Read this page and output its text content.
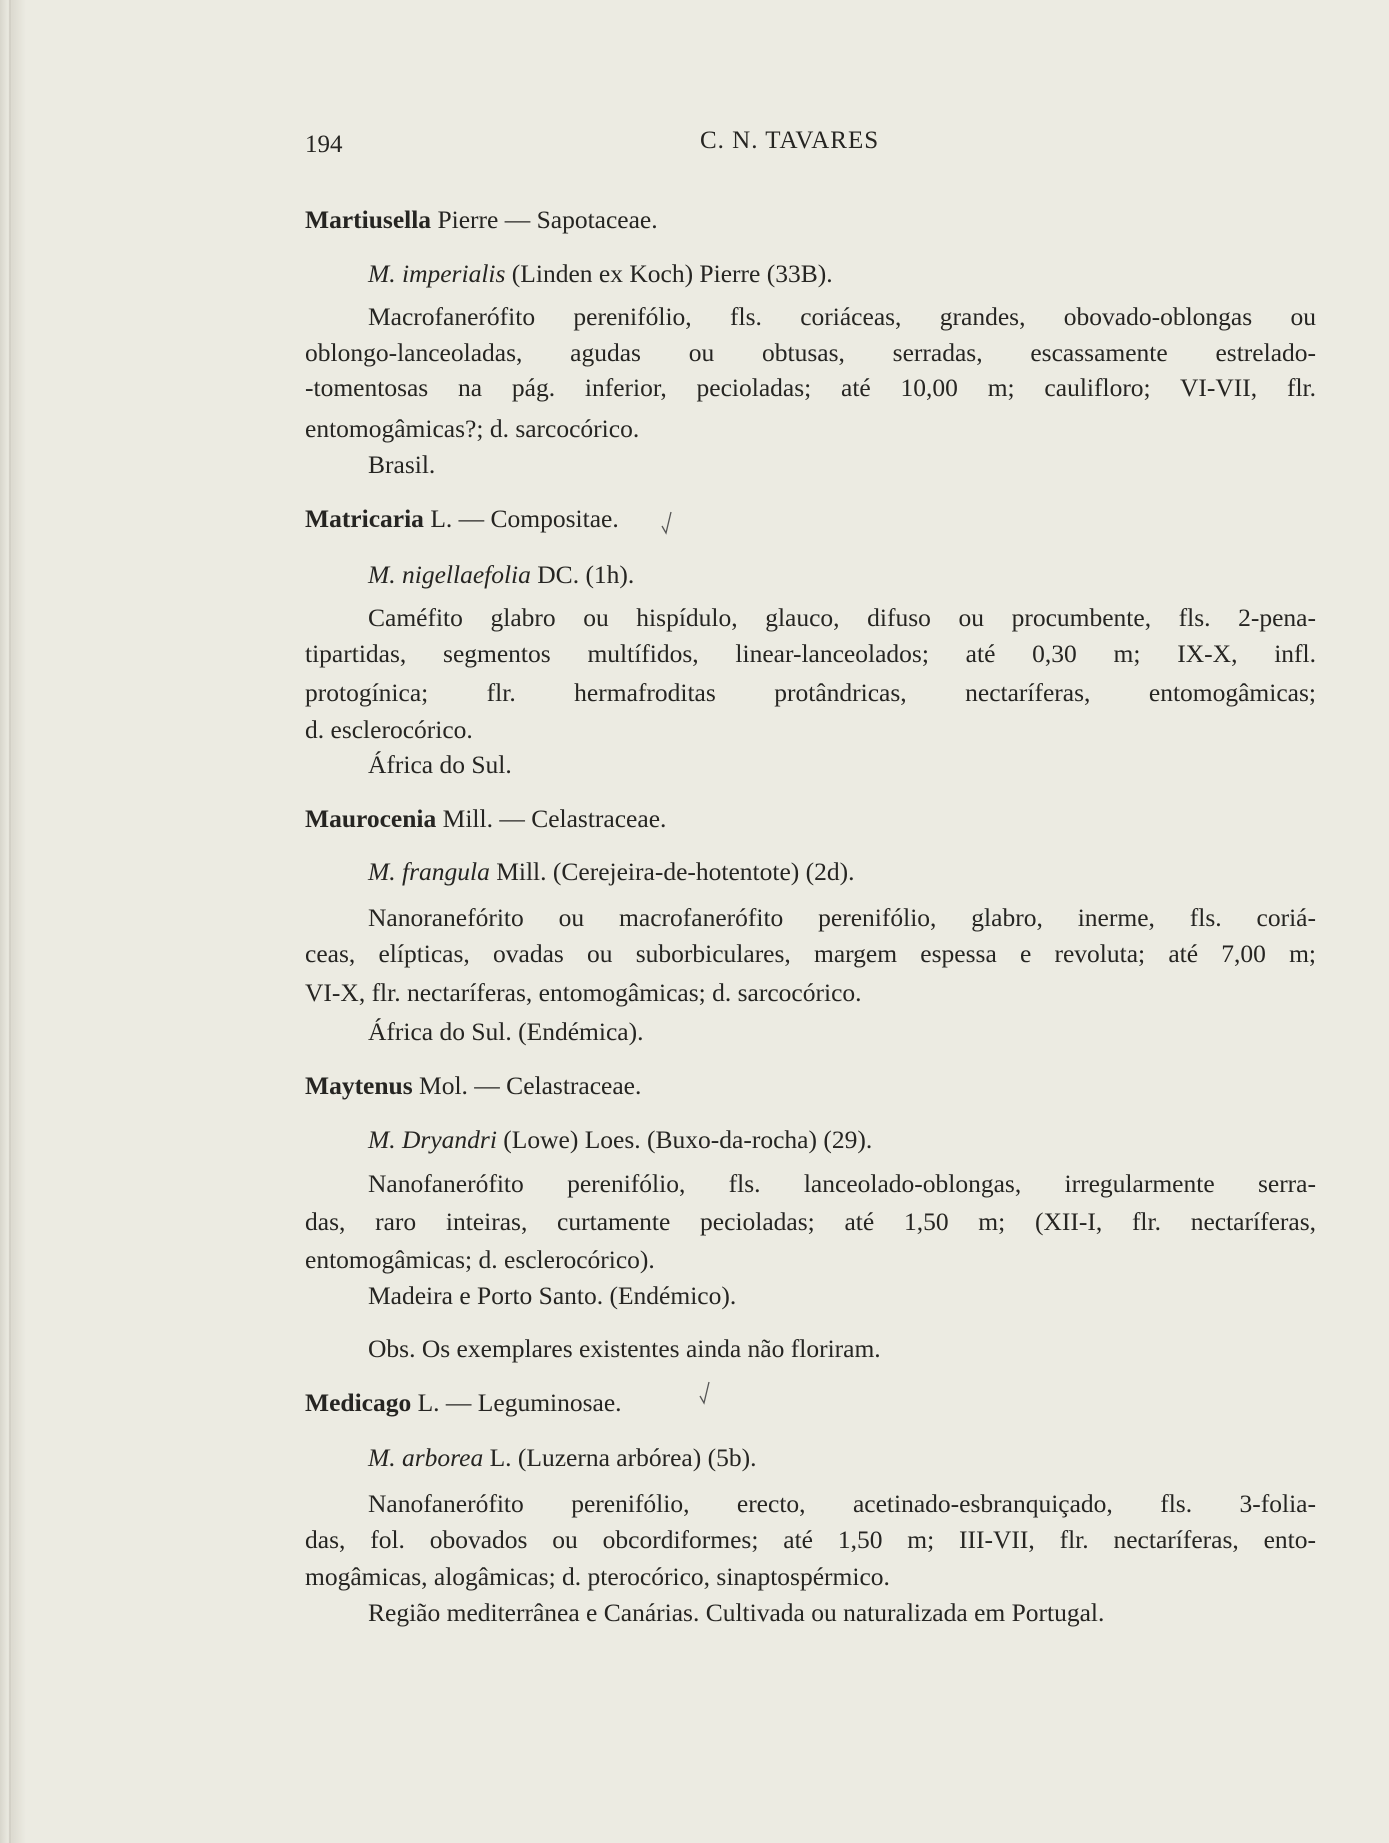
194	C. N. TAVARES
Martiusella Pierre — Sapotaceae.
M. imperialis (Linden ex Koch) Pierre (33B).
Macrofanerófito perenifólio, fls. coriáceas, grandes, obovado-oblongas ou
oblongo-lanceoladas, agudas ou obtusas, serradas, escassamente estrelado-
-tomentosas na pág. inferior, pecioladas; até 10,00 m; caulifloro; VI-VII, flr.
entomogâmicas?; d. sarcocórico.
Brasil.
Matricaria L. — Compositae.
M. nigellaefolia DC. (1h).
Caméfito glabro ou hispídulo, glauco, difuso ou procumbente, fls. 2-pena-
tipartidas, segmentos multífidos, linear-lanceolados; até 0,30 m; IX-X, infl.
protogínica; flr. hermafroditas protândricas, nectaríferas, entomogâmicas;
d. esclerocórico.
África do Sul.
Maurocenia Mill. — Celastraceae.
M. frangula Mill. (Cerejeira-de-hotentote) (2d).
Nanoranefórito ou macrofanerófito perenifólio, glabro, inerme, fls. coriá-
ceas, elípticas, ovadas ou suborbiculares, margem espessa e revoluta; até 7,00 m;
VI-X, flr. nectaríferas, entomogâmicas; d. sarcocórico.
África do Sul. (Endémica).
Maytenus Mol. — Celastraceae.
M. Dryandri (Lowe) Loes. (Buxo-da-rocha) (29).
Nanofanerófito perenifólio, fls. lanceolado-oblongas, irregularmente serra-
das, raro inteiras, curtamente pecioladas; até 1,50 m; (XII-I, flr. nectaríferas,
entomogâmicas; d. esclerocórico).
Madeira e Porto Santo. (Endémico).
Obs. Os exemplares existentes ainda não floriram.
Medicago L. — Leguminosae.
M. arborea L. (Luzerna arbórea) (5b).
Nanofanerófito perenifólio, erecto, acetinado-esbranquiçado, fls. 3-folia-
das, fol. obovados ou obcordiformes; até 1,50 m; III-VII, flr. nectaríferas, ento-
mogâmicas, alogâmicas; d. pterocórico, sinaptospérmico.
Região mediterrânea e Canárias. Cultivada ou naturalizada em Portugal.
